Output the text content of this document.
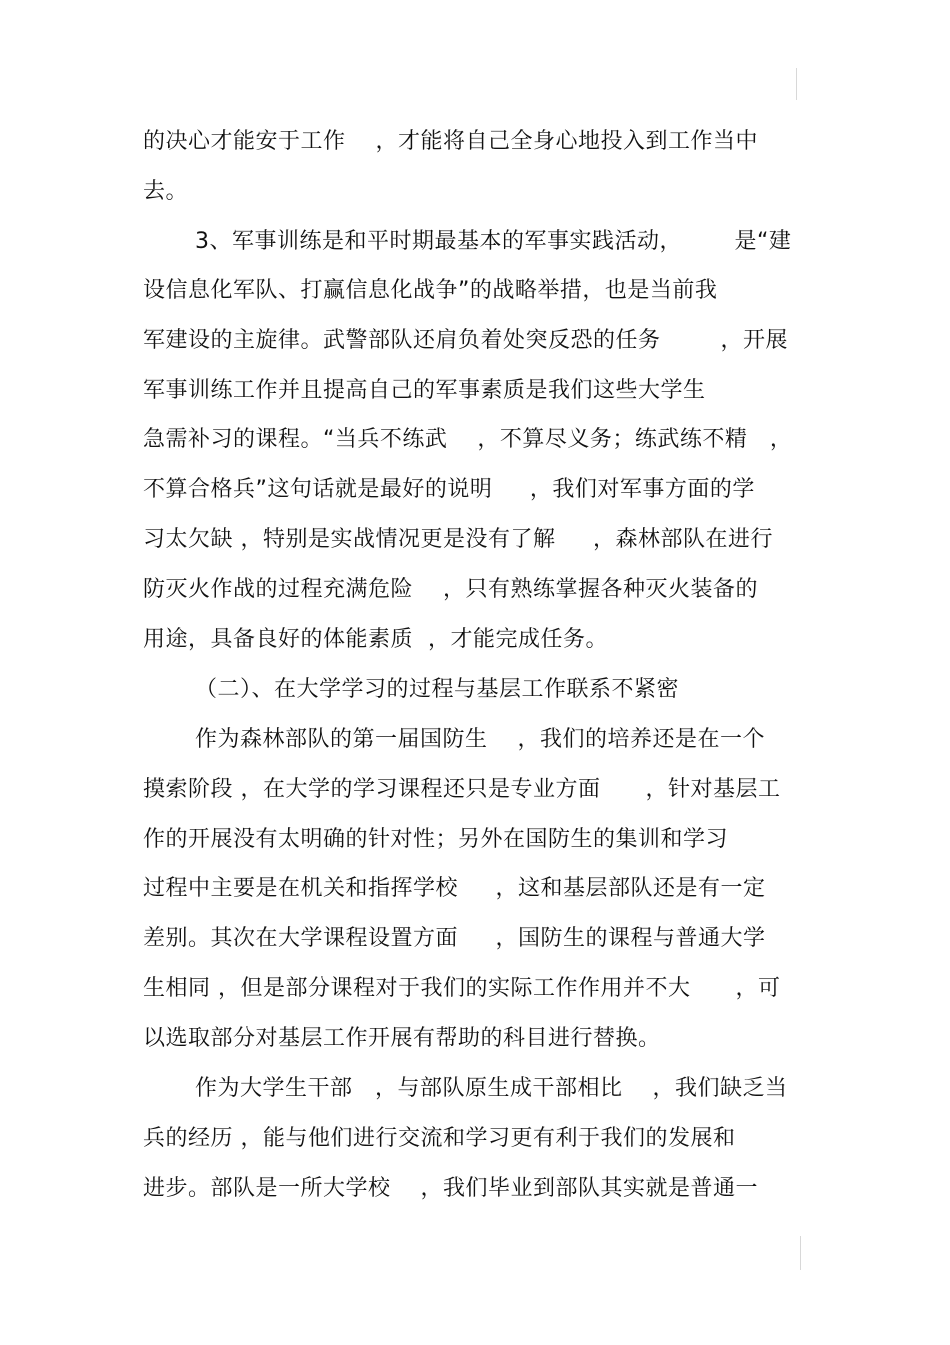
的决心才能安于工作    ，才能将自己全身心地投入到工作当中
去。
3、军事训练是和平时期最基本的军事实践活动，       是“建
设信息化军队、打赢信息化战争”的战略举措，也是当前我
军建设的主旋律。武警部队还肩负着处突反恐的任务        ，开展
军事训练工作并且提高自己的军事素质是我们这些大学生
急需补习的课程。“当兵不练武    ，不算尽义务；练武练不精   ，
不算合格兵”这句话就是最好的说明     ，我们对军事方面的学
习太欠缺 ，特别是实战情况更是没有了解     ，森林部队在进行
防灭火作战的过程充满危险    ，只有熟练掌握各种灭火装备的
用途，具备良好的体能素质  ，才能完成任务。
（二）、在大学学习的过程与基层工作联系不紧密
作为森林部队的第一届国防生    ，我们的培养还是在一个
摸索阶段 ，在大学的学习课程还只是专业方面      ，针对基层工
作的开展没有太明确的针对性；另外在国防生的集训和学习
过程中主要是在机关和指挥学校     ，这和基层部队还是有一定
差别。其次在大学课程设置方面     ，国防生的课程与普通大学
生相同 ，但是部分课程对于我们的实际工作作用并不大      ，可
以选取部分对基层工作开展有帮助的科目进行替换。
作为大学生干部   ，与部队原生成干部相比    ，我们缺乏当
兵的经历 ，能与他们进行交流和学习更有利于我们的发展和
进步。部队是一所大学校    ，我们毕业到部队其实就是普通一
